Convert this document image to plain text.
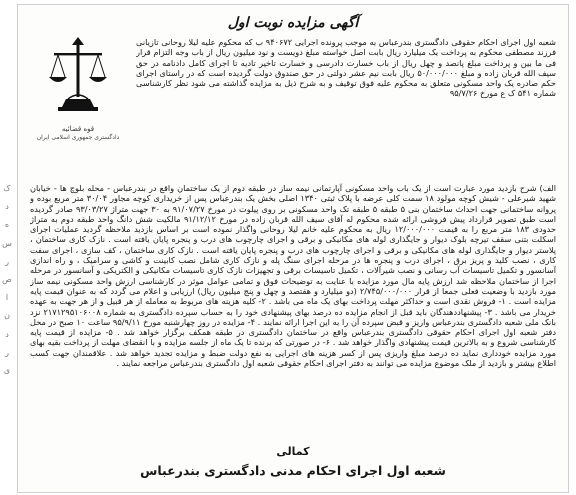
ک
د
ه
س
ر
ص
ا
ن
د
ر
ی
آگهی مزایده نوبت اول
قوه قضائیه
دادگستری جمهوری اسلامی ایران
شعبه اول اجرای احکام حقوقی دادگستری بندرعباس به موجب پرونده اجرایی ۹۴۰۶۷۲ ب که محکوم علیه لیلا روحانی تازیانی فرزند مصطفی محکوم به پرداخت یک میلیارد ریال بابت اصل خواسته مبلغ دویست و نود میلیون ریال از باب وجه التزام قرار فی ما بین و پرداخت مبلغ پانصد و چهل ریال از باب خسارت دادرسی و خسارت تاخیر تادیه تا اجرای کامل دادنامه در حق سیف الله قربان زاده و مبلغ ۵۰/۰۰۰/۰۰۰ ریال بابت نیم عشر دولتی در حق صندوق دولت گردیده است که در راستای اجرای حکم صادره یک واحد مسکونی متعلق به محکوم علیه فوق توقیف و به شرح ذیل به مزایده گذاشته می شود نظر کارشناسی شماره ۵۴۱ ک ع مورخ ۹۵/۷/۲۶
الف) شرح بازدید مورد عبارت است از یک باب واحد مسکونی آپارتمانی نیمه ساز در طبقه دوم از یک ساختمان واقع در بندرعباس - محله بلوچ ها - خیابان شهید شیرعلی - شیش کوچه مولود ۱۸ سمت کلی عرضه با پلاک ثبتی ۱۳۴۰ اصلی بخش یک بندرعباس پس از خریداری کوچه مجاور ۳۰/۰۴ متر مربع بوده و پروانه ساختمانی جهت احداث ساختمان بنی ۵ طبقه ۵ طبقه تک واحد مسکونی بر روی پیلوت در مورخ ۹۱/۰۷/۲۷ به ۳۰ جهت متراژ ۹۳/۰۳/۲۷ صادر گردیده است طبق تصویر قرارداد پیش فروشی ارائه شده محکوم له آقای سیف الله قربان زاده در مورخ ۹۱/۱۲/۱۲ مالکیت شش دانگ واحد طبقه دوم به متراژ حدودی ۱۸۳ متر مربع را به قیمت ۱۲/۰۰۰/۰۰۰ ریال به محکوم علیه خانم لیلا روحانی واگذار نموده است بر اساس بازدید ملاحظه گردید عملیات اجرای اسکلت بتنی سقف تیرچه بلوک دیوار و جایگذاری لوله های مکانیکی و برقی و اجرای چارچوب های درب و پنجره پایان یافته است . نازک کاری ساختمان ، پلاستر دیوار و جایگذاری لوله های مکانیکی و برقی و اجرای چارچوب های درب و پنجره پایان یافته است . نازک کاری ساختمان ، کف سازی ، اجرای سفت کاری ، نصب کلید و پریز برق ، اجرای درب و پنجره ها در مرحله اجرای سنگ پله و نازک کاری شامل نصب کابینت و کاشی و سرامیک ، و راه اندازی آسانسور و تکمیل تاسیسات آب رسانی و نصب شیرآلات ، تکمیل تاسیسات برقی و تجهیزات نازک کاری تاسیسات مکانیکی و الکتریکی و آسانسور در مرحله اجرا از ساختمان ملاحظه شد ارزش پایه مال مورد مزایده با عنایت به توضیحات فوق و تمامی عوامل موثر در کارشناسی ارزش واحد مسکونی نیمه ساز مورد بازدید با وضعیت فعلی جمعا از قرار ۲/۷۴۵/۰۰۰/۰۰۰ (دو میلیارد و هفتصد و چهل و پنج میلیون ریال) ارزیابی و اعلام می گردد که به عنوان قیمت پایه مزایده است . ۱- فروش نقدی است و حداکثر مهلت پرداخت بهای یک ماه می باشد . ۲- کلیه هزینه های مربوط به معامله از هر قبیل و از هر جهت به عهده خریدار می باشد . ۳- پیشنهاددهندگان باید قبل از انجام مزایده ده درصد بهای پیشنهادی خود را به حساب سپرده دادگستری به شماره ۲۱۷۱۲۹۵۱۰۶۰۰۸ نزد بانک ملی شعبه دادگستری بندرعباس واریز و قبض سپرده آن را به این اجرا ارائه نمایند . ۴- مزایده در روز چهارشنبه مورخ ۹۵/۹/۱۱ ساعت ۱۰ صبح در محل دفتر شعبه اول اجرای احکام حقوقی دادگستری بندرعباس واقع در ساختمان دادگستری در طبقه همکف برگزار خواهد شد . ۵- مزایده از قیمت پایه کارشناسی شروع و به بالاترین قیمت پیشنهادی واگذار خواهد شد . ۶- در صورتی که برنده تا یک ماه از جلسه مزایده و با انقضای مهلت از پرداخت بقیه بهای مورد مزایده خودداری نماید ده درصد مبلغ واریزی پس از کسر هزینه های اجرایی به نفع دولت ضبط و مزایده تجدید خواهد شد . علاقمندان جهت کسب اطلاع بیشتر و بازدید از ملک موضوع مزایده می توانند به دفتر اجرای احکام حقوقی شعبه اول دادگستری بندرعباس مراجعه نمایند .
کمالی
شعبه اول اجرای احکام مدنی دادگستری بندرعباس
